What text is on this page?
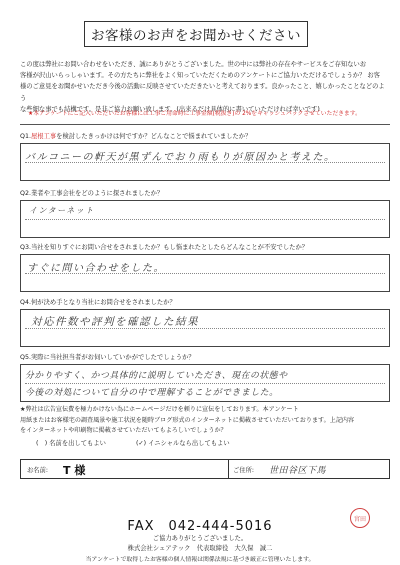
お客様のお声をお聞かせください
この度は弊社にお問い合わせをいただき、誠にありがとうございました。世の中には弊社の存在やサービスをご存知ないお
客様が沢山いらっしゃいます。その方たちに弊社をよく知っていただくためのアンケートにご協力いただけるでしょうか？ お客
様のご意見をお聞かせいただき今後の活動に反映させていただきたいと考えております。良かったこと、嬉しかったことなどのよう
な些細な事でも結構です。是非ご協力お願い致します。(出来るだけ具体的に書いていただければ幸いです)
★本アンケートにご記入いただいたお客様には工事ご用命時に工事金額(税抜き)の 2%をキャッシュバックさせていただきます。
Q1.屋根工事を検討したきっかけは何ですか？どんなことで悩まれていましたか？
バルコニーの軒天が黒ずんでおり雨もりが原因かと考えた。
Q2.業者や工事会社をどのように探されましたか？
インターネット
Q3.当社を知りすぐにお問い合せをされましたか？もし悩まれたとしたらどんなことが不安でしたか？
すぐに問い合わせをした。
Q4.何が決め手となり当社にお問合せをされましたか？
対応件数や評判を確認した結果
Q5.実際に当社担当者がお伺いしていかがでしたでしょうか？
分かりやすく、かつ具体的に説明していただき、現在の状態や
今後の対処について自分の中で理解することができました。
★弊社は広告宣伝費を極力かけない為にホームページだけを頼りに宣伝をしております。本アンケート
用紙またはお客様宅の調査風景や施工状況を随時ブログ形式のインターネットに掲載させていただいております。上記内容
をインターネットや印刷物に掲載させていただいてもよろしいでしょうか？
(　) 名前を出してもよい	(✓) イニシャルなら出してもよい
お名前: T 様	ご住所: 世田谷区下馬
FAX　042-444-5016	宮田
ご協力ありがとうございました。
株式会社シェアテック　代表取締役　大久保　誠二
当アンケートで取得したお客様の個人情報は関係法規に基づき厳正に管理いたします。
